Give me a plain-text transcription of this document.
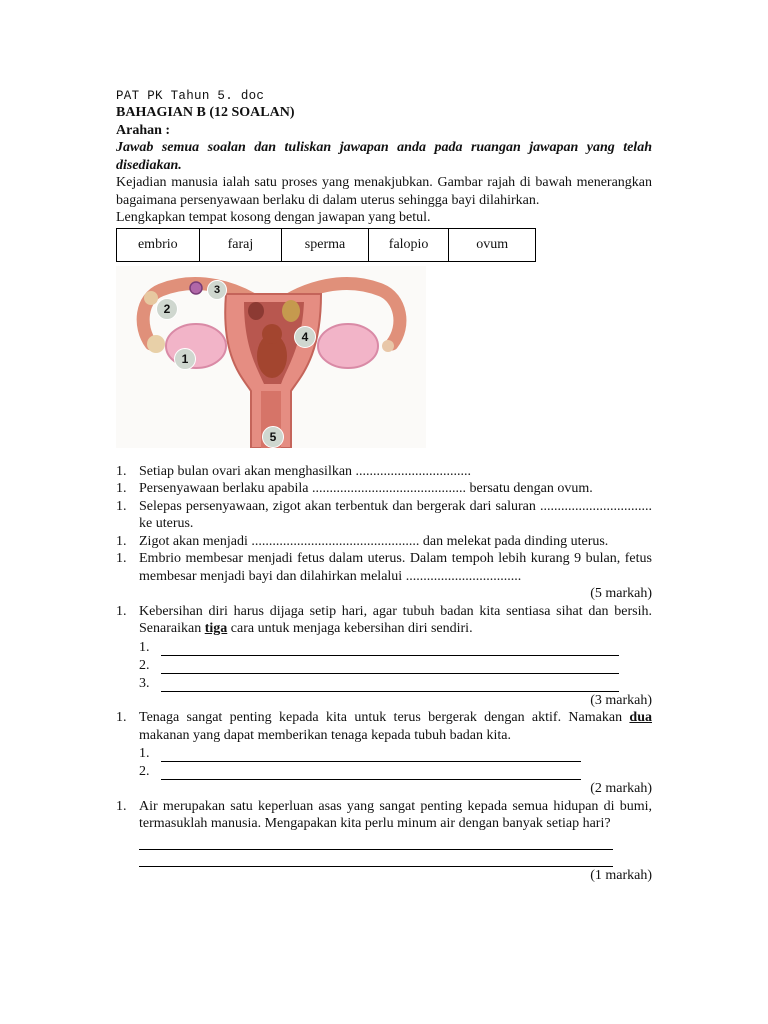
PAT PK Tahun 5. doc

BAHAGIAN B (12 SOALAN)

Arahan :

Jawab semua soalan dan tuliskan jawapan anda pada ruangan jawapan yang telah disediakan.

Kejadian manusia ialah satu proses yang menakjubkan. Gambar rajah di bawah menerangkan bagaimana persenyawaan berlaku di dalam uterus sehingga bayi dilahirkan.

Lengkapkan tempat kosong dengan jawapan yang betul.

embrio	faraj	sperma	falopio	ovum
3
2
1
4
5
1. Setiap bulan ovari akan menghasilkan .................................
1. Persenyawaan berlaku apabila ............................................ bersatu dengan ovum.
1. Selepas persenyawaan, zigot akan terbentuk dan bergerak dari saluran ................................ ke uterus.
1. Zigot akan menjadi ................................................ dan melekat pada dinding uterus.
1. Embrio membesar menjadi fetus dalam uterus. Dalam tempoh lebih kurang 9 bulan, fetus membesar menjadi bayi dan dilahirkan melalui .................................

(5 markah)

1. Kebersihan diri harus dijaga setip hari, agar tubuh badan kita sentiasa sihat dan bersih. Senaraikan tiga cara untuk menjaga kebersihan diri sendiri.
1.
2.
3.

(3 markah)

1. Tenaga sangat penting kepada kita untuk terus bergerak dengan aktif. Namakan dua makanan yang dapat memberikan tenaga kepada tubuh badan kita.
1.
2.

(2 markah)

1. Air merupakan satu keperluan asas yang sangat penting kepada semua hidupan di bumi, termasuklah manusia. Mengapakan kita perlu minum air dengan banyak setiap hari?

(1 markah)
